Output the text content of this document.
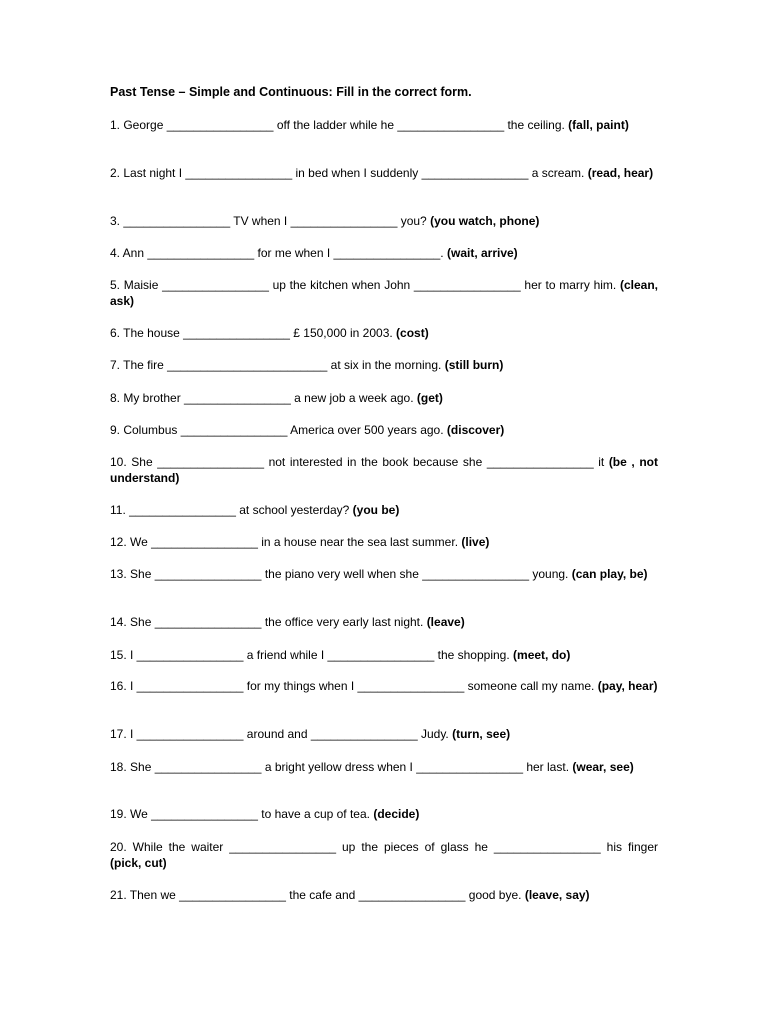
Past Tense – Simple and Continuous: Fill in the correct form.
1. George ________________ off the ladder while he ________________ the ceiling. (fall, paint)
2. Last night I ________________ in bed when I suddenly ________________ a scream. (read, hear)
3. ________________ TV when I ________________ you? (you watch, phone)
4. Ann ________________ for me when I ________________. (wait, arrive)
5. Maisie ________________ up the kitchen when John ________________ her to marry him. (clean, ask)
6. The house ________________ £ 150,000 in 2003. (cost)
7. The fire ________________________ at six in the morning. (still burn)
8. My brother ________________ a new job a week ago. (get)
9. Columbus ________________ America over 500 years ago. (discover)
10. She ________________ not interested in the book because she ________________ it (be , not understand)
11. ________________ at school yesterday? (you be)
12. We ________________ in a house near the sea last summer. (live)
13. She ________________ the piano very well when she ________________ young. (can play, be)
14. She ________________ the office very early last night. (leave)
15. I ________________ a friend while I ________________ the shopping. (meet, do)
16. I ________________ for my things when I ________________ someone call my name. (pay, hear)
17. I ________________ around and ________________ Judy. (turn, see)
18. She ________________ a bright yellow dress when I ________________ her last. (wear, see)
19. We ________________ to have a cup of tea. (decide)
20. While the waiter ________________ up the pieces of glass he ________________ his finger (pick, cut)
21. Then we ________________ the cafe and ________________ good bye. (leave, say)
